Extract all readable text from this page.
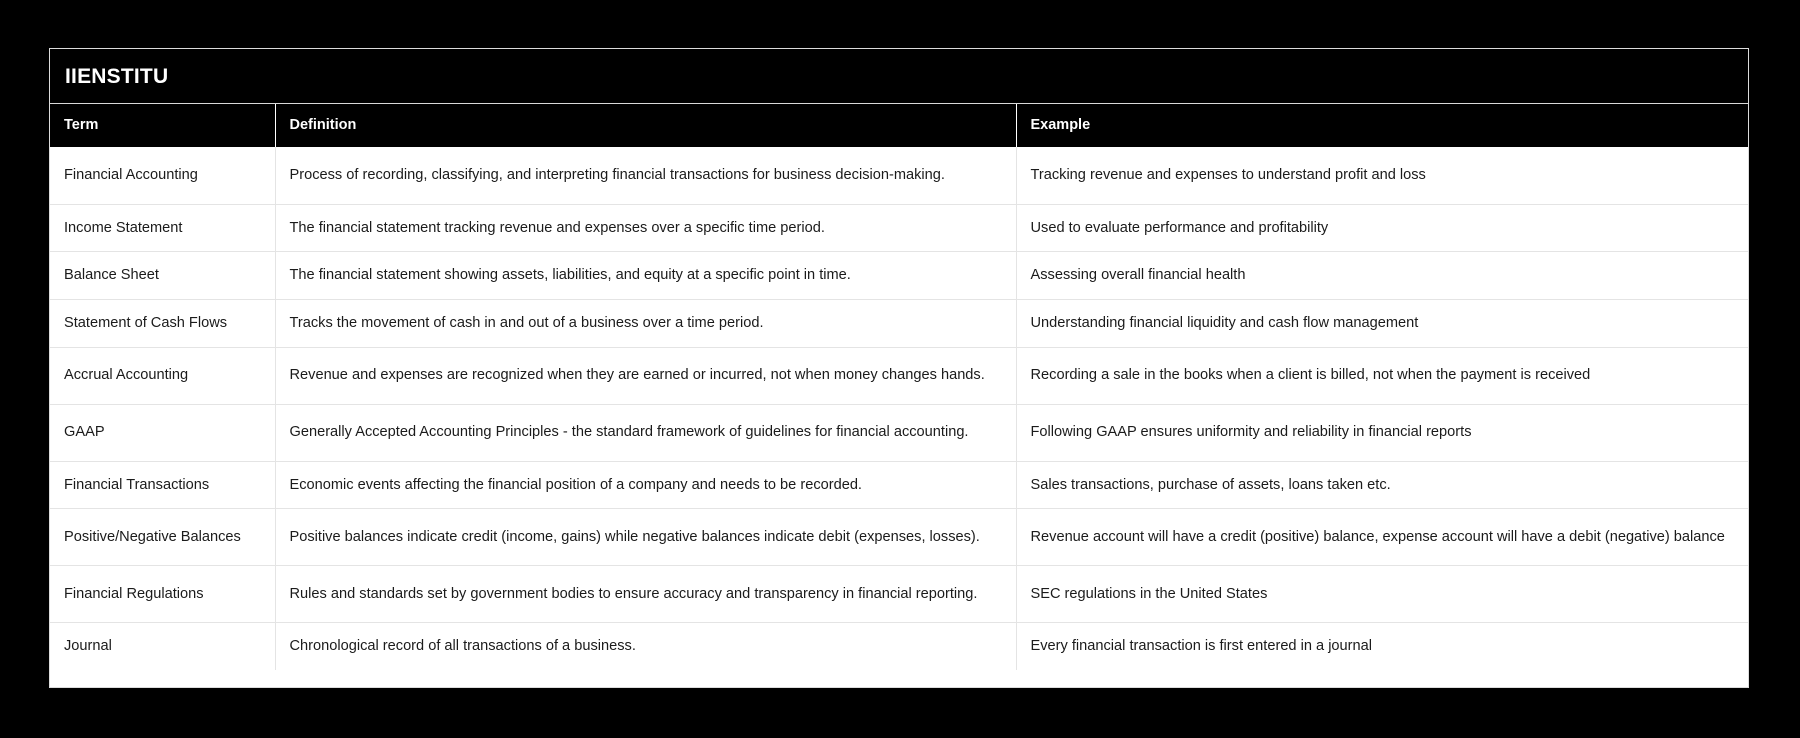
IIENSTITU
Term	Definition	Example
Financial Accounting	Process of recording, classifying, and interpreting financial transactions for business decision-making.	Tracking revenue and expenses to understand profit and loss
Income Statement	The financial statement tracking revenue and expenses over a specific time period.	Used to evaluate performance and profitability
Balance Sheet	The financial statement showing assets, liabilities, and equity at a specific point in time.	Assessing overall financial health
Statement of Cash Flows	Tracks the movement of cash in and out of a business over a time period.	Understanding financial liquidity and cash flow management
Accrual Accounting	Revenue and expenses are recognized when they are earned or incurred, not when money changes hands.	Recording a sale in the books when a client is billed, not when the payment is received
GAAP	Generally Accepted Accounting Principles - the standard framework of guidelines for financial accounting.	Following GAAP ensures uniformity and reliability in financial reports
Financial Transactions	Economic events affecting the financial position of a company and needs to be recorded.	Sales transactions, purchase of assets, loans taken etc.
Positive/Negative Balances	Positive balances indicate credit (income, gains) while negative balances indicate debit (expenses, losses).	Revenue account will have a credit (positive) balance, expense account will have a debit (negative) balance
Financial Regulations	Rules and standards set by government bodies to ensure accuracy and transparency in financial reporting.	SEC regulations in the United States
Journal	Chronological record of all transactions of a business.	Every financial transaction is first entered in a journal
